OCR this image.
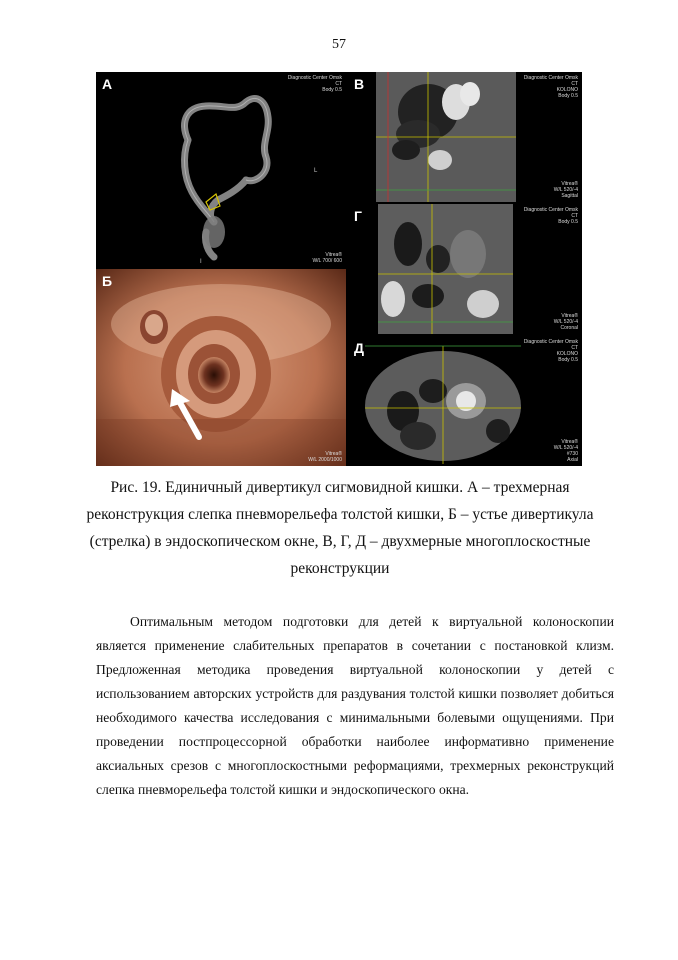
57
А	Diagnostic Center Omsk
CT
Body 0.5
Vitrea®
W/L 700/ 600
L
I
Б
Vitrea®
W/L 2000/1000
В	Diagnostic Center Omsk
CT
KOLONO
Body 0.5
Vitrea®
W/L 520/-4
Sagittal
Г	Diagnostic Center Omsk
CT
Body 0.5
Vitrea®
W/L 520/-4
Coronal
Д	Diagnostic Center Omsk
CT
KOLONO
Body 0.5
Vitrea®
W/L 520/-4
#730
Axial
Рис. 19. Единичный дивертикул сигмовидной кишки. А – трехмерная
реконструкция слепка пневморельефа толстой кишки, Б – устье дивертикула
(стрелка) в эндоскопическом окне, В, Г, Д – двухмерные многоплоскостные
реконструкции
Оптимальным методом подготовки для детей к виртуальной колоноскопии является применение слабительных препаратов в сочетании с постановкой клизм. Предложенная методика проведения виртуальной колоноскопии у детей с использованием авторских устройств для раздувания толстой кишки позволяет добиться необходимого качества исследования с минимальными болевыми ощущениями. При проведении постпроцессорной обработки наиболее информативно применение аксиальных срезов с многоплоскостными реформациями, трехмерных реконструкций слепка пневморельефа толстой кишки и эндоскопического окна.
